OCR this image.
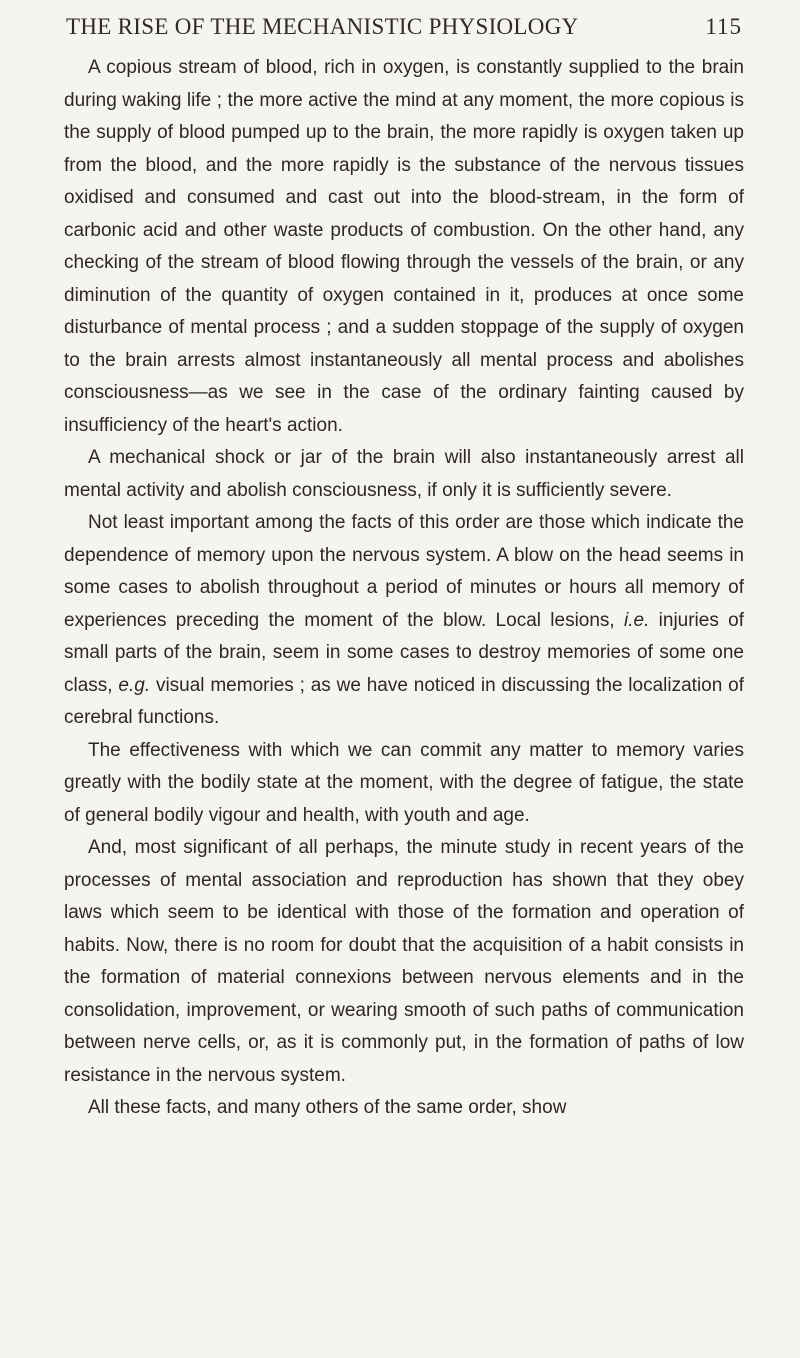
THE RISE OF THE MECHANISTIC PHYSIOLOGY	115

A copious stream of blood, rich in oxygen, is constantly supplied to the brain during waking life ; the more active the mind at any moment, the more copious is the supply of blood pumped up to the brain, the more rapidly is oxygen taken up from the blood, and the more rapidly is the substance of the nervous tissues oxidised and consumed and cast out into the blood-stream, in the form of carbonic acid and other waste products of combustion. On the other hand, any checking of the stream of blood flowing through the vessels of the brain, or any diminution of the quantity of oxygen contained in it, produces at once some disturbance of mental process ; and a sudden stoppage of the supply of oxygen to the brain arrests almost instantaneously all mental process and abolishes consciousness—as we see in the case of the ordinary fainting caused by insufficiency of the heart's action.

A mechanical shock or jar of the brain will also instantaneously arrest all mental activity and abolish consciousness, if only it is sufficiently severe.

Not least important among the facts of this order are those which indicate the dependence of memory upon the nervous system. A blow on the head seems in some cases to abolish throughout a period of minutes or hours all memory of experiences preceding the moment of the blow. Local lesions, i.e. injuries of small parts of the brain, seem in some cases to destroy memories of some one class, e.g. visual memories ; as we have noticed in discussing the localization of cerebral functions.

The effectiveness with which we can commit any matter to memory varies greatly with the bodily state at the moment, with the degree of fatigue, the state of general bodily vigour and health, with youth and age.

And, most significant of all perhaps, the minute study in recent years of the processes of mental association and reproduction has shown that they obey laws which seem to be identical with those of the formation and operation of habits. Now, there is no room for doubt that the acquisition of a habit consists in the formation of material connexions between nervous elements and in the consolidation, improvement, or wearing smooth of such paths of communication between nerve cells, or, as it is commonly put, in the formation of paths of low resistance in the nervous system.

All these facts, and many others of the same order, show
